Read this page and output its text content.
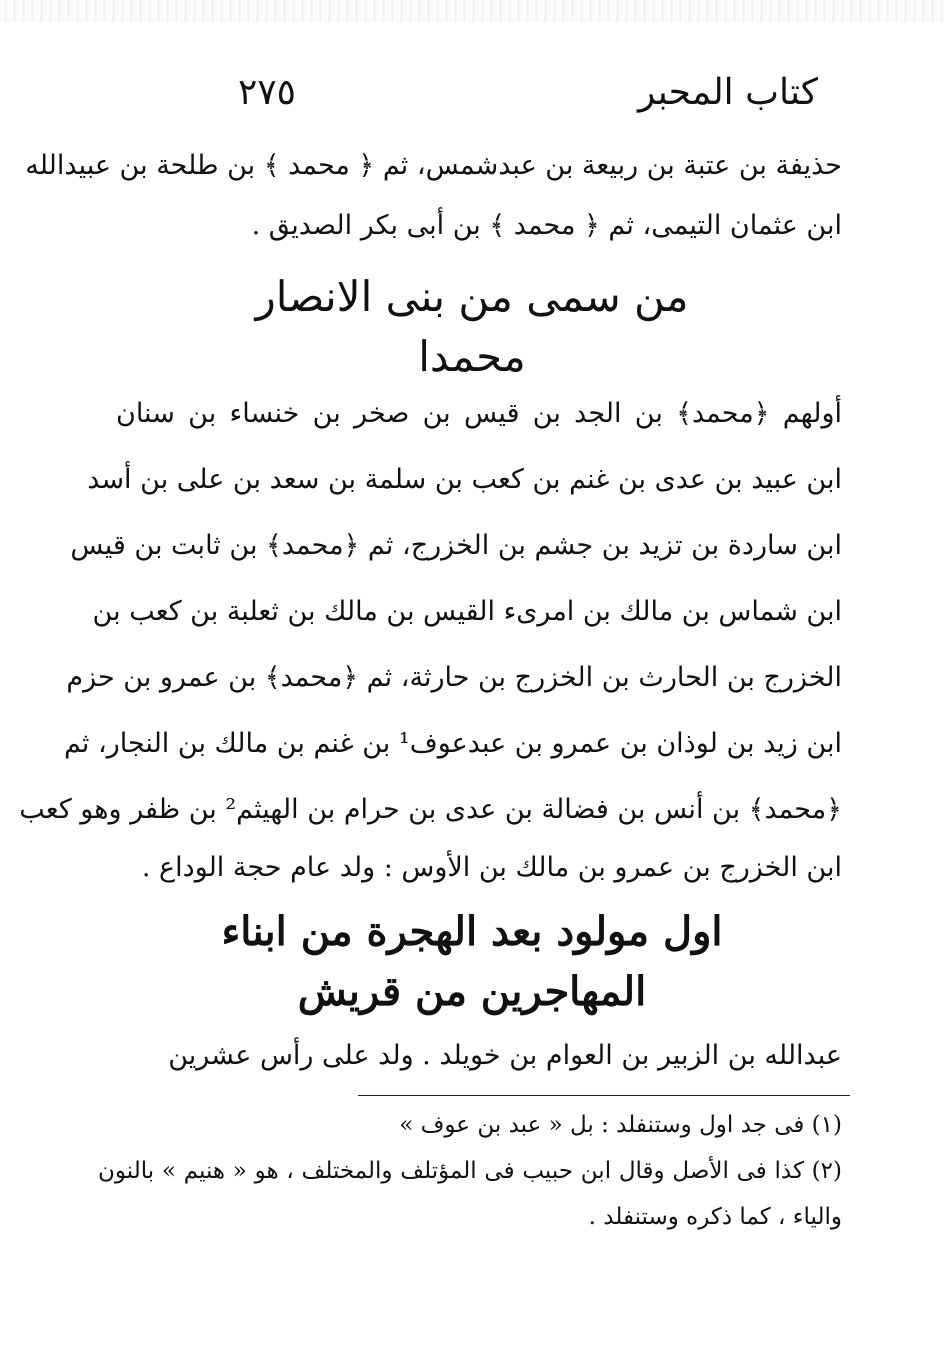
كتاب المحبر
٢٧٥
حذيفة بن عتبة بن ربيعة بن عبدشمس، ثم ﴿ محمد ﴾ بن طلحة بن عبيدالله
ابن عثمان التيمى، ثم ﴿ محمد ﴾ بن أبى بكر الصديق .
من سمى من بنى الانصار
محمدا
أولهم ﴿محمد﴾ بن الجد بن قيس بن صخر بن خنساء بن سنان
ابن عبيد بن عدى بن غنم بن كعب بن سلمة بن سعد بن على بن أسد
ابن ساردة بن تزيد بن جشم بن الخزرج، ثم ﴿محمد﴾ بن ثابت بن قيس
ابن شماس بن مالك بن امرىء القيس بن مالك بن ثعلبة بن كعب بن
الخزرج بن الحارث بن الخزرج بن حارثة، ثم ﴿محمد﴾ بن عمرو بن حزم
ابن زيد بن لوذان بن عمرو بن عبدعوف¹ بن غنم بن مالك بن النجار، ثم
﴿محمد﴾ بن أنس بن فضالة بن عدى بن حرام بن الهيثم² بن ظفر وهو كعب
ابن الخزرج بن عمرو بن مالك بن الأوس : ولد عام حجة الوداع .
اول مولود بعد الهجرة من ابناء
المهاجرين من قريش
عبدالله بن الزبير بن العوام بن خويلد . ولد على رأس عشرين
(١) فى جد اول وستنفلد : بل « عبد بن عوف »
(٢) كذا فى الأصل وقال ابن حبيب فى المؤتلف والمختلف ، هو « هنيم » بالنون
والياء ، كما ذكره وستنفلد .
